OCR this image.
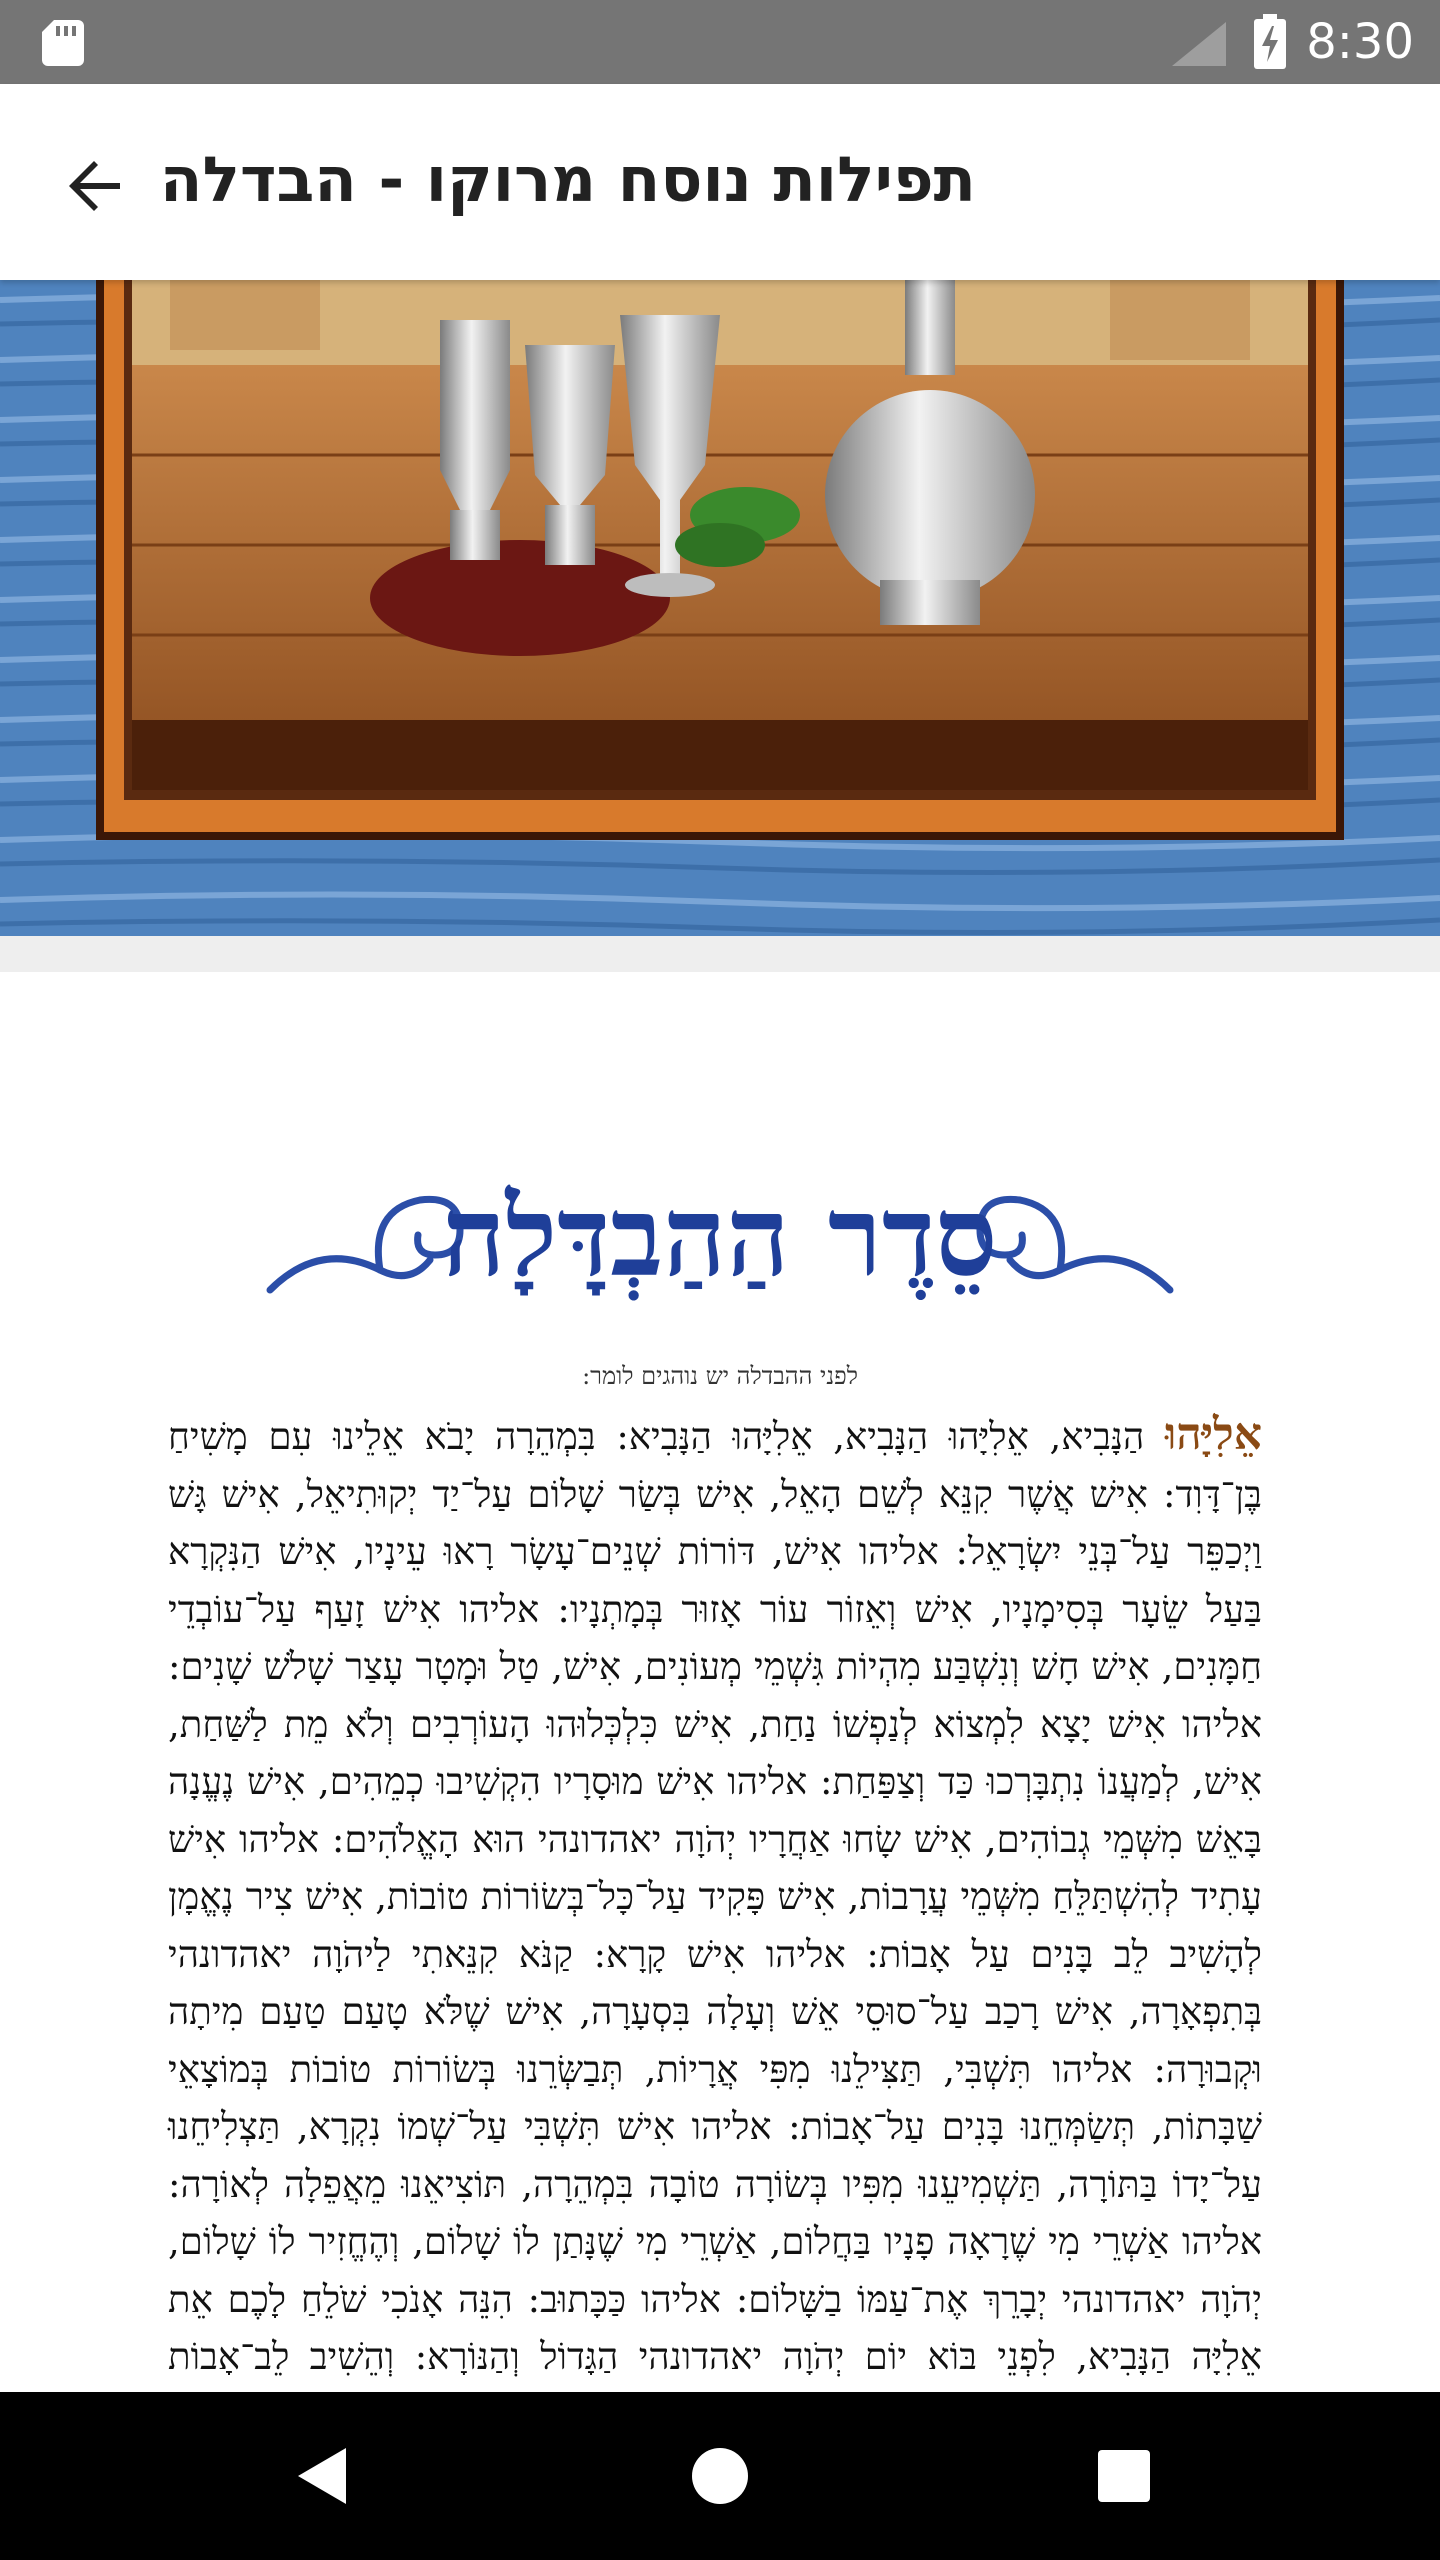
8:30
תפילות נוסח מרוקו - הבדלה
סֵדֶר הַהַבְדָּלָה
לפני ההבדלה יש נוהגים לומר:
אֵלִיָּהוּ הַנָּבִיא, אֵלִיָּהוּ הַנָּבִיא, אֵלִיָּהוּ הַנָּבִיא: בִּמְהֵרָה יָבֹא אֵלֵינוּ עִם מָשִׁיחַ בֶּן־דָּוִד: אִישׁ אֲשֶׁר קִנֵּא לְשֵׁם הָאֵל, אִישׁ בְּשַׂר שָׁלוֹם עַל־יַד יְקוּתִיאֵל, אִישׁ גָּשׁ וַיְכַפֵּר עַל־בְּנֵי יִשְׂרָאֵל: אליהו אִישׁ, דּוֹרוֹת שְׁנֵים־עָשָׂר רָאוּ עֵינָיו, אִישׁ הַנִּקְרָא בַּעַל שֵׂעָר בְּסִימָנָיו, אִישׁ וְאֵזוֹר עוֹר אָזוּר בְּמָתְנָיו: אליהו אִישׁ זָעַף עַל־עוֹבְדֵי חַמָּנִים, אִישׁ חָשׁ וְנִשְׁבַּע מִהְיוֹת גִּשְׁמֵי מְעוֹנִים, אִישׁ, טַל וּמָטָר עָצַר שָׁלֹשׁ שָׁנִים: אליהו אִישׁ יָצָא לִמְצוֹא לְנַפְשׁוֹ נַחַת, אִישׁ כִּלְכְּלוּהוּ הָעוֹרְבִים וְלֹא מֵת לַשַּׁחַת, אִישׁ, לְמַעֲנוֹ נִתְבָּרְכוּ כַּד וְצַפַּחַת: אליהו אִישׁ מוּסָרָיו הִקְשִׁיבוּ כְמֵהִים, אִישׁ נֶעֱנָה בָּאֵשׁ מִשְּׁמֵי גְבוֹהִים, אִישׁ שָׂחוּ אַחֲרָיו יְהֹוָה יאהדונהי הוּא הָאֱלֹהִים: אליהו אִישׁ עָתִיד לְהִשְׁתַּלֵּחַ מִשְּׁמֵי עֲרָבוֹת, אִישׁ פָּקִיד עַל־כָּל־בְּשׂוֹרוֹת טוֹבוֹת, אִישׁ צִיר נֶאֱמָן לְהָשִׁיב לֵב בָּנִים עַל אָבוֹת: אליהו אִישׁ קָרָא: קַנֹּא קִנֵּאתִי לַיהֹוָה יאהדונהי בְּתִפְאָרָה, אִישׁ רָכַב עַל־סוּסֵי אֵשׁ וְעָלָה בִּסְעָרָה, אִישׁ שֶׁלֹּא טָעַם טַעַם מִיתָה וּקְבוּרָה: אליהו תִּשְׁבִּי, תַּצִּילֵנוּ מִפִּי אֲרָיוֹת, תְּבַשְּׂרֵנוּ בְּשׂוֹרוֹת טוֹבוֹת בְּמוֹצָאֵי שַׁבָּתוֹת, תְּשַׂמְּחֵנוּ בָּנִים עַל־אָבוֹת: אליהו אִישׁ תִּשְׁבִּי עַל־שְׁמוֹ נִקְרָא, תַּצְלִיחֵנוּ עַל־יָדוֹ בַּתּוֹרָה, תַּשְׁמִיעֵנוּ מִפִּיו בְּשׂוֹרָה טוֹבָה בִּמְהֵרָה, תּוֹצִיאֵנוּ מֵאֲפֵלָה לְאוֹרָה: אליהו אַשְׁרֵי מִי שֶׁרָאָה פָנָיו בַּחֲלוֹם, אַשְׁרֵי מִי שֶׁנָּתַן לוֹ שָׁלוֹם, וְהֶחֱזִיר לוֹ שָׁלוֹם, יְהֹוָה יאהדונהי יְבָרֵךְ אֶת־עַמּוֹ בַשָּׁלוֹם: אליהו כַּכָּתוּב: הִנֵּה אָנֹכִי שֹׁלֵחַ לָכֶם אֵת אֵלִיָּה הַנָּבִיא, לִפְנֵי בּוֹא יוֹם יְהֹוָה יאהדונהי הַגָּדוֹל וְהַנּוֹרָא: וְהֵשִׁיב לֵב־אָבוֹת
